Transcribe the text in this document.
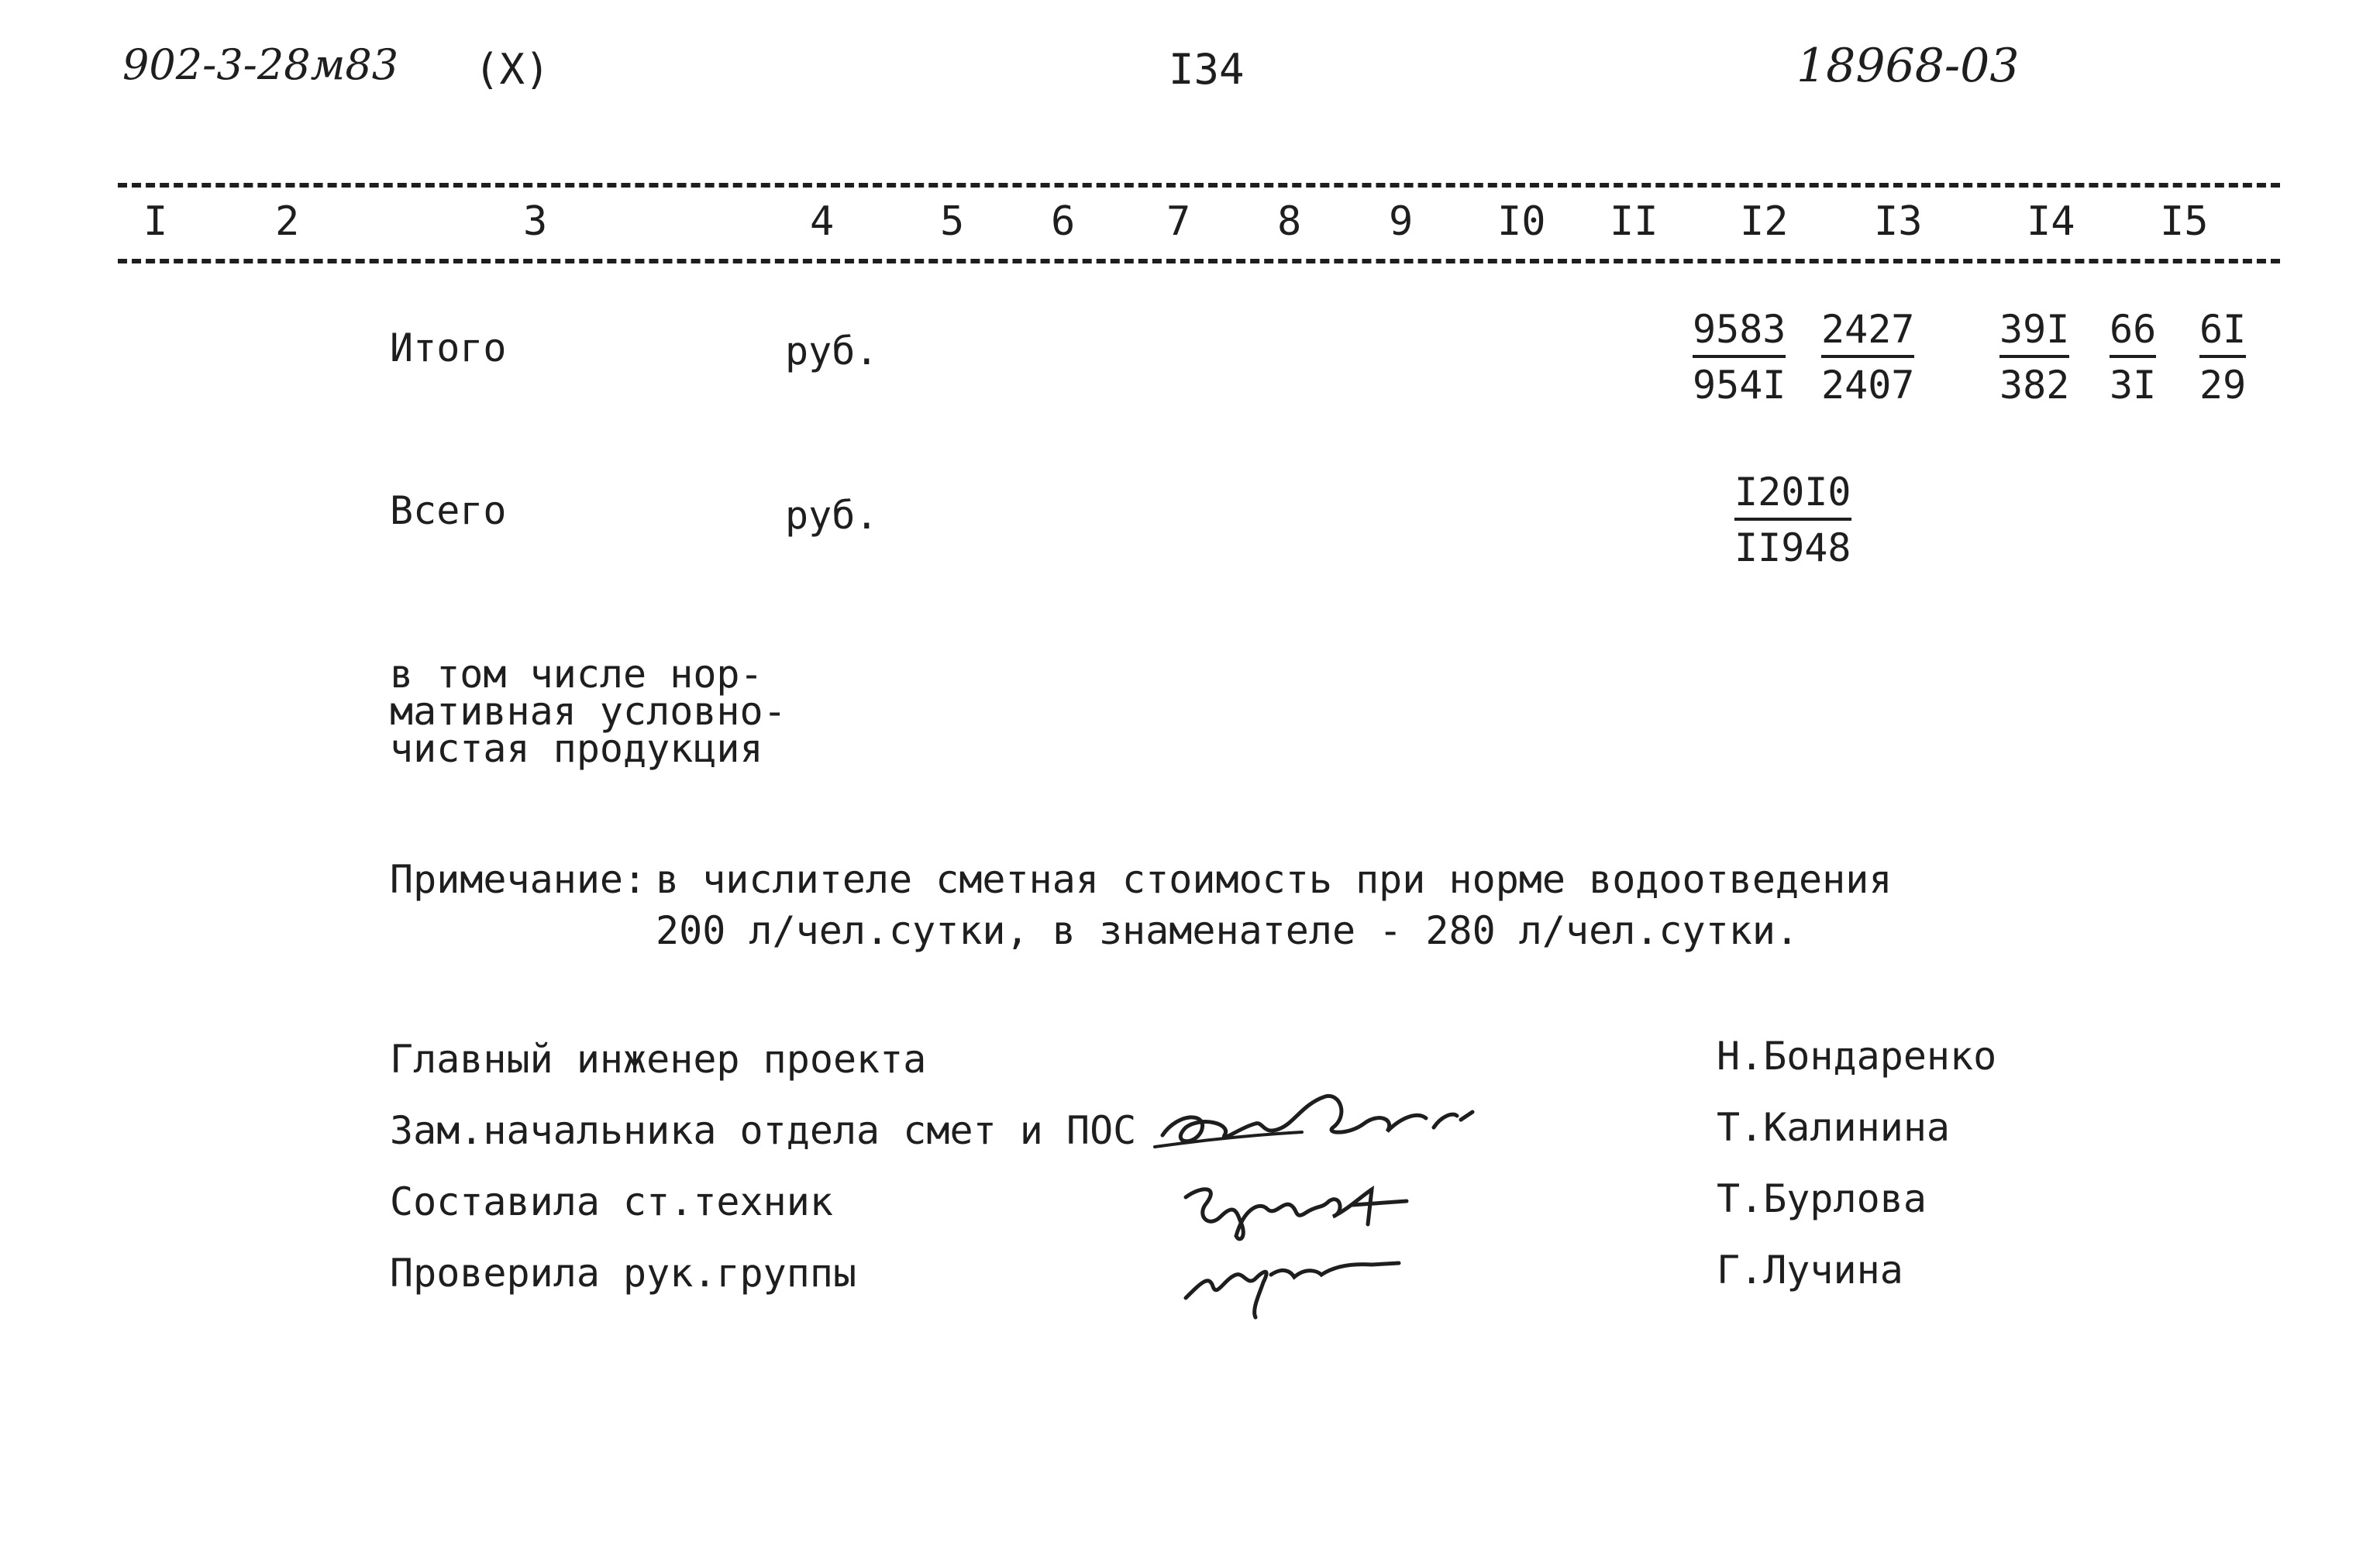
902-3-28м83 (X)	I34	18968-03
I	2	3	4	5 6 7 8 9 I0 II I2 I3	I4 I5
Итого	руб.	$\frac{9583}{954I} \frac{2427}{2407} \frac{39I}{382} \frac{66}{3I} \frac{6I}{29}$
Всего	руб.	$\frac{I20I0}{II948}$
в том числе нор-
мативная условно-
чистая продукция
Примечание: в числителе сметная стоимость при норме водоотведения
200 л/чел.сутки, в знаменателе - 280 л/чел.сутки.
Главный инженер проекта	Н.Бондаренко
Зам.начальника отдела смет и ПОС	Т.Калинина
Составила ст.техник	Т.Бурлова
Проверила рук.группы	Г.Лучина
